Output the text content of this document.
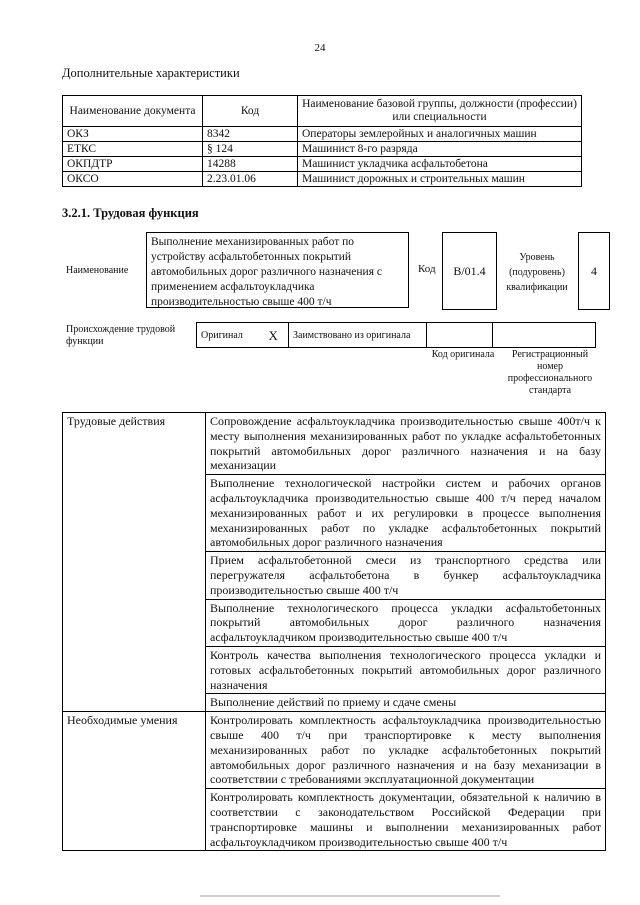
24
Дополнительные характеристики
Наименование документа	Код	Наименование базовой группы, должности (профессии) или специальности
ОКЗ	8342	Операторы землеройных и аналогичных машин
ЕТКС	§ 124	Машинист 8-го разряда
ОКПДТР	14288	Машинист укладчика асфальтобетона
ОКСО	2.23.01.06	Машинист дорожных и строительных машин
3.2.1. Трудовая функция
Наименование
Выполнение механизированных работ по устройству асфальтобетонных покрытий автомобильных дорог различного назначения с применением асфальтоукладчика производительностью свыше 400 т/ч
Код B/01.4
Уровень (подуровень) квалификации
4
Происхождение трудовой функции
Оригинал	X	Заимствовано из оригинала		
Код оригинала	Регистрационный номер профессионального стандарта
Трудовые действия	Сопровождение асфальтоукладчика производительностью свыше 400т/ч к месту выполнения механизированных работ по укладке асфальтобетонных покрытий автомобильных дорог различного назначения и на базу механизации
	Выполнение технологической настройки систем и рабочих органов асфальтоукладчика производительностью свыше 400 т/ч перед началом механизированных работ и их регулировки в процессе выполнения механизированных работ по укладке асфальтобетонных покрытий автомобильных дорог различного назначения
	Прием асфальтобетонной смеси из транспортного средства или перегружателя асфальтобетона в бункер асфальтоукладчика производительностью свыше 400 т/ч
	Выполнение технологического процесса укладки асфальтобетонных покрытий автомобильных дорог различного назначения асфальтоукладчиком производительностью свыше 400 т/ч
	Контроль качества выполнения технологического процесса укладки и готовых асфальтобетонных покрытий автомобильных дорог различного назначения
	Выполнение действий по приему и сдаче смены
Необходимые умения	Контролировать комплектность асфальтоукладчика производительностью свыше 400 т/ч при транспортировке к месту выполнения механизированных работ по укладке асфальтобетонных покрытий автомобильных дорог различного назначения и на базу механизации в соответствии с требованиями эксплуатационной документации
	Контролировать комплектность документации, обязательной к наличию в соответствии с законодательством Российской Федерации при транспортировке машины и выполнении механизированных работ асфальтоукладчиком производительностью свыше 400 т/ч
